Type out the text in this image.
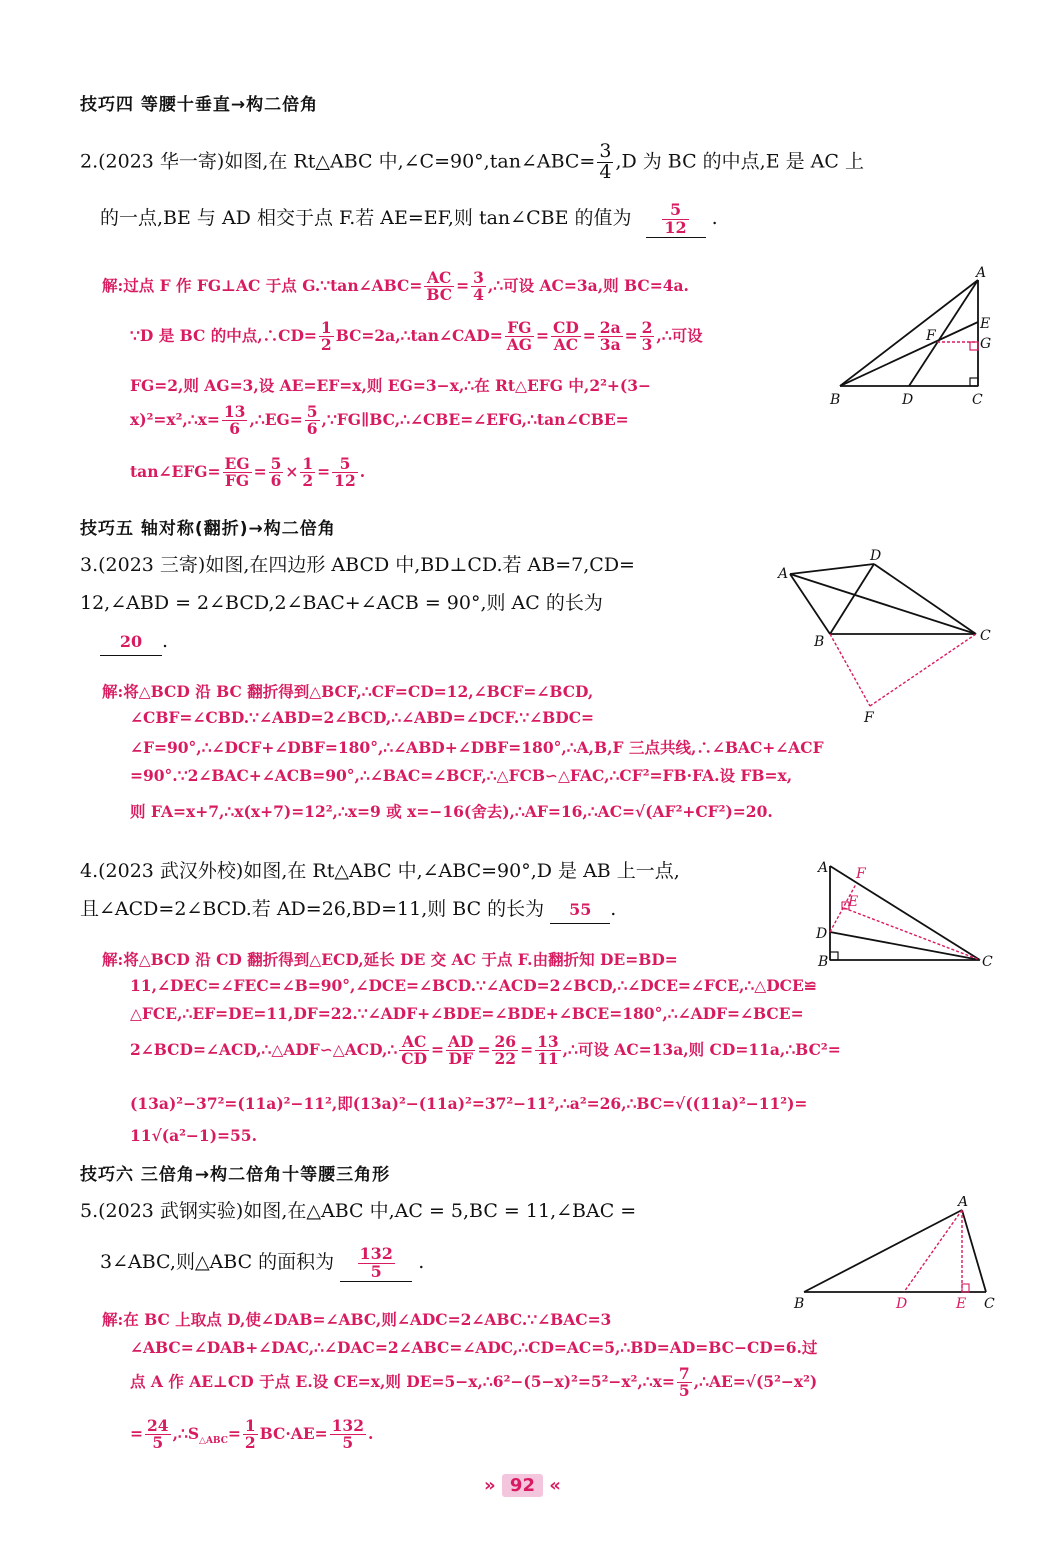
技巧四 等腰十垂直→构二倍角
2.(2023 华一寄)如图,在 Rt△ABC 中,∠C=90°,tan∠ABC= $\frac{3}{4} ,D$ 为 BC 的中点,E 是 AC 上
的一点,BE 与 AD 相交于点 F.若 AE=EF,则 tan∠CBE 的值为 $\frac{5}{12}$ .
解:过点 F 作 FG⊥AC 于点 G.∵tan∠ABC= $\frac{AC}{BC} = \frac{3}{4}$ ,∴可设 AC=3a,则 BC=4a.
∵D 是 BC 的中点,∴CD= $\frac{1}{2}$ BC=2a,∴tan∠CAD= $\frac{FG}{AG} = \frac{CD}{AC} = \frac{2a}{3a} = \frac{2}{3}$ ,∴可设
FG=2,则 AG=3,设 AE=EF=x,则 EG=3−x,∴在 Rt△EFG 中,2²+(3−
x)²=x²,∴x= $\frac{13}{6}$ ,∴EG= $\frac{5}{6}$ ,∵FG∥BC,∴∠CBE=∠EFG,∴tan∠CBE=
tan∠EFG= $\frac{EG}{FG} = \frac{5}{6} \times \frac{1}{2} = \frac{5}{12}$ .
A
E
G
F
B	D	C
技巧五 轴对称(翻折)→构二倍角
3.(2023 三寄)如图,在四边形 ABCD 中,BD⊥CD.若 AB=7,CD=
12,∠ABD = 2∠BCD,2∠BAC+∠ACB = 90°,则 AC 的长为
20 .
解:将△BCD 沿 BC 翻折得到△BCF,∴CF=CD=12,∠BCF=∠BCD,
∠CBF=∠CBD.∵∠ABD=2∠BCD,∴∠ABD=∠DCF.∵∠BDC=
∠F=90°,∴∠DCF+∠DBF=180°,∴∠ABD+∠DBF=180°,∴A,B,F 三点共线,∴∠BAC+∠ACF
=90°.∵2∠BAC+∠ACB=90°,∴∠BAC=∠BCF,∴△FCB∽△FAC,∴CF²=FB·FA.设 FB=x,
则 FA=x+7,∴x(x+7)=12²,∴x=9 或 x=−16(舍去),∴AF=16,∴AC=√(AF²+CF²)=20.
A
D
B	C
F
4.(2023 武汉外校)如图,在 Rt△ABC 中,∠ABC=90°,D 是 AB 上一点,
且∠ACD=2∠BCD.若 AD=26,BD=11,则 BC 的长为 55 .
解:将△BCD 沿 CD 翻折得到△ECD,延长 DE 交 AC 于点 F.由翻折知 DE=BD=
11,∠DEC=∠FEC=∠B=90°,∠DCE=∠BCD.∵∠ACD=2∠BCD,∴∠DCE=∠FCE,∴△DCE≌
△FCE,∴EF=DE=11,DF=22.∵∠ADF+∠BDE=∠BDE+∠BCE=180°,∴∠ADF=∠BCE=
2∠BCD=∠ACD,∴△ADF∽△ACD,∴ $\frac{AC}{CD} = \frac{AD}{DF} = \frac{26}{22} = \frac{13}{11}$ ,∴可设 AC=13a,则 CD=11a,∴BC²=
(13a)²−37²=(11a)²−11²,即(13a)²−(11a)²=37²−11²,∴a²=26,∴BC=√((11a)²−11²)=
11√(a²−1)=55.
A F
E
D
B	C
技巧六 三倍角→构二倍角十等腰三角形
5.(2023 武钢实验)如图,在△ABC 中,AC = 5,BC = 11,∠BAC =
3∠ABC,则△ABC 的面积为 $\frac{132}{5}$ .
解:在 BC 上取点 D,使∠DAB=∠ABC,则∠ADC=2∠ABC.∵∠BAC=3
∠ABC=∠DAB+∠DAC,∴∠DAC=2∠ABC=∠ADC,∴CD=AC=5,∴BD=AD=BC−CD=6.过
点 A 作 AE⊥CD 于点 E.设 CE=x,则 DE=5−x,∴6²−(5−x)²=5²−x²,∴x= $\frac{7}{5}$ ,∴AE=√(5²−x²)
= $\frac{24}{5}$ $,\therefore S_{\triangle ABC}= \frac{1}{2} BC\cdot AE= \frac{132}{5}$ .
A
B	D	E C
» 92 «
